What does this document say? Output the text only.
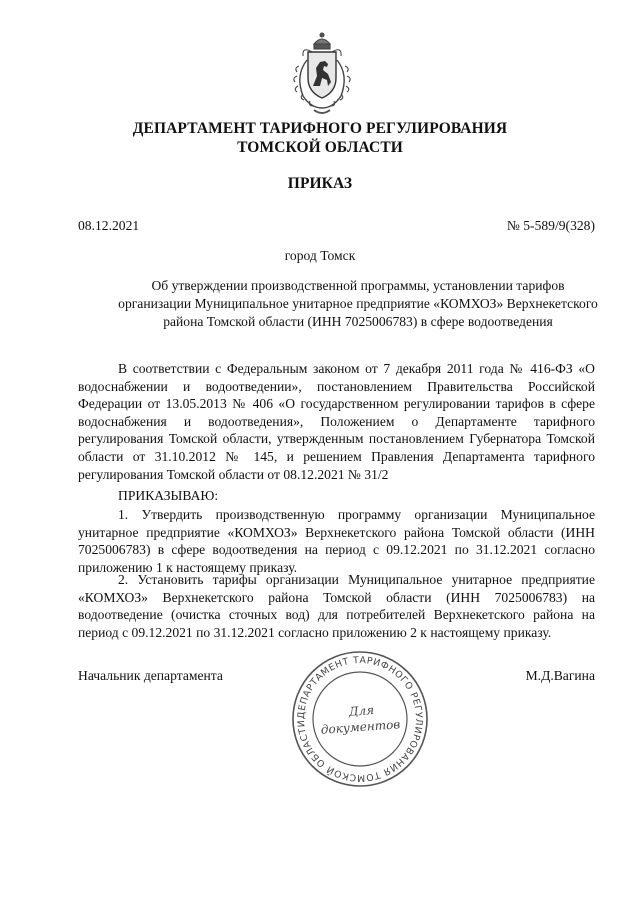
ДЕПАРТАМЕНТ ТАРИФНОГО РЕГУЛИРОВАНИЯ
ТОМСКОЙ ОБЛАСТИ
ПРИКАЗ
08.12.2021	№ 5-589/9(328)
город Томск
Об утверждении производственной программы, установлении тарифов
организации Муниципальное унитарное предприятие «КОМХОЗ» Верхнекетского
района Томской области (ИНН 7025006783) в сфере водоотведения
В соответствии с Федеральным законом от 7 декабря 2011 года № 416-ФЗ «О водоснабжении и водоотведении», постановлением Правительства Российской Федерации от 13.05.2013 № 406 «О государственном регулировании тарифов в сфере водоснабжения и водоотведения», Положением о Департаменте тарифного регулирования Томской области, утвержденным постановлением Губернатора Томской области от 31.10.2012 № 145, и решением Правления Департамента тарифного регулирования Томской области от 08.12.2021 № 31/2
ПРИКАЗЫВАЮ:
1. Утвердить производственную программу организации Муниципальное унитарное предприятие «КОМХОЗ» Верхнекетского района Томской области (ИНН 7025006783) в сфере водоотведения на период с 09.12.2021 по 31.12.2021 согласно приложению 1 к настоящему приказу.
2. Установить тарифы организации Муниципальное унитарное предприятие «КОМХОЗ» Верхнекетского района Томской области (ИНН 7025006783) на водоотведение (очистка сточных вод) для потребителей Верхнекетского района на период с 09.12.2021 по 31.12.2021 согласно приложению 2 к настоящему приказу.
Начальник департамента	М.Д.Вагина
ДЕПАРТАМЕНТ ТАРИФНОГО РЕГУЛИРОВАНИЯ ТОМСКОЙ ОБЛАСТИ
Для
документов
